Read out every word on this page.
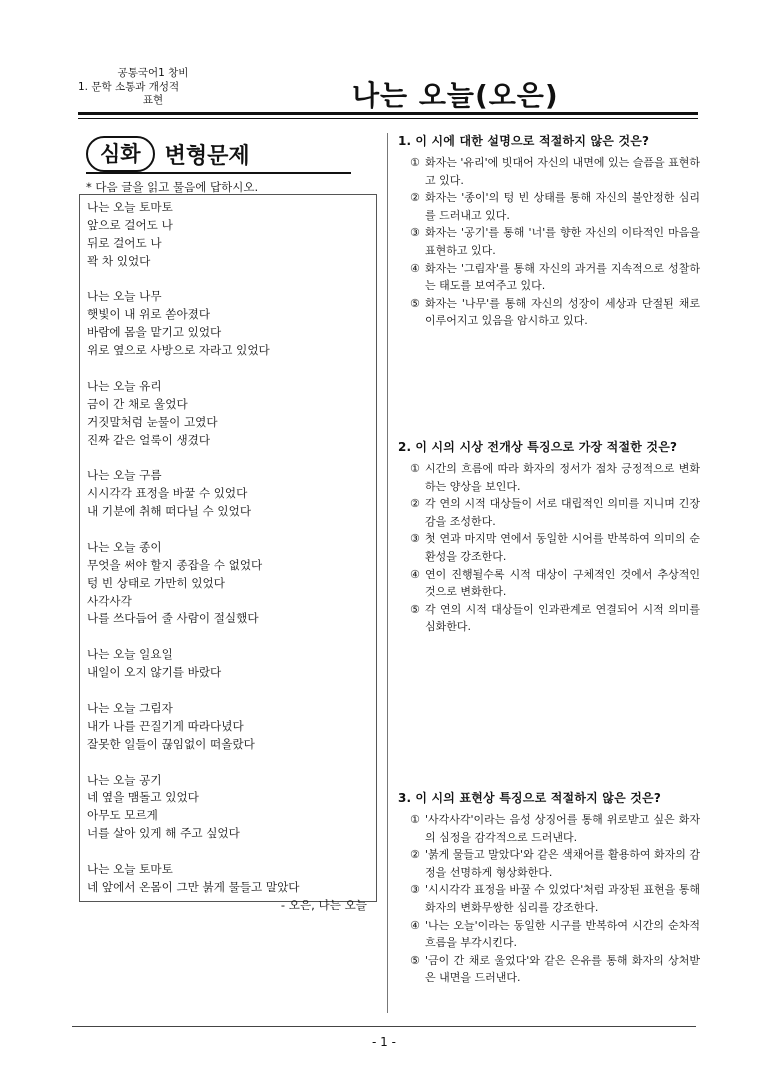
공통국어1 창비
1. 문학 소통과 개성적
표현	나는 오늘(오은)
심화	변형문제
* 다음 글을 읽고 물음에 답하시오.
나는 오늘 토마토
앞으로 걸어도 나
뒤로 걸어도 나
꽉 차 있었다
나는 오늘 나무
햇빛이 내 위로 쏟아졌다
바람에 몸을 맡기고 있었다
위로 옆으로 사방으로 자라고 있었다
나는 오늘 유리
금이 간 채로 울었다
거짓말처럼 눈물이 고였다
진짜 같은 얼룩이 생겼다
나는 오늘 구름
시시각각 표정을 바꿀 수 있었다
내 기분에 취해 떠다닐 수 있었다
나는 오늘 종이
무엇을 써야 할지 종잡을 수 없었다
텅 빈 상태로 가만히 있었다
사각사각
나를 쓰다듬어 줄 사람이 절실했다
나는 오늘 일요일
내일이 오지 않기를 바랐다
나는 오늘 그림자
내가 나를 끈질기게 따라다녔다
잘못한 일들이 끊임없이 떠올랐다
나는 오늘 공기
네 옆을 맴돌고 있었다
아무도 모르게
너를 살아 있게 해 주고 싶었다
나는 오늘 토마토
네 앞에서 온몸이 그만 붉게 물들고 말았다
- 오은, 나는 오늘
1. 이 시에 대한 설명으로 적절하지 않은 것은?
① 화자는 '유리'에 빗대어 자신의 내면에 있는 슬픔을 표현하고 있다.
② 화자는 '종이'의 텅 빈 상태를 통해 자신의 불안정한 심리를 드러내고 있다.
③ 화자는 '공기'를 통해 '너'를 향한 자신의 이타적인 마음을 표현하고 있다.
④ 화자는 '그림자'를 통해 자신의 과거를 지속적으로 성찰하는 태도를 보여주고 있다.
⑤ 화자는 '나무'를 통해 자신의 성장이 세상과 단절된 채로 이루어지고 있음을 암시하고 있다.
2. 이 시의 시상 전개상 특징으로 가장 적절한 것은?
① 시간의 흐름에 따라 화자의 정서가 점차 긍정적으로 변화하는 양상을 보인다.
② 각 연의 시적 대상들이 서로 대립적인 의미를 지니며 긴장감을 조성한다.
③ 첫 연과 마지막 연에서 동일한 시어를 반복하여 의미의 순환성을 강조한다.
④ 연이 진행될수록 시적 대상이 구체적인 것에서 추상적인 것으로 변화한다.
⑤ 각 연의 시적 대상들이 인과관계로 연결되어 시적 의미를 심화한다.
3. 이 시의 표현상 특징으로 적절하지 않은 것은?
① '사각사각'이라는 음성 상징어를 통해 위로받고 싶은 화자의 심정을 감각적으로 드러낸다.
② '붉게 물들고 말았다'와 같은 색채어를 활용하여 화자의 감정을 선명하게 형상화한다.
③ '시시각각 표정을 바꿀 수 있었다'처럼 과장된 표현을 통해 화자의 변화무쌍한 심리를 강조한다.
④ '나는 오늘'이라는 동일한 시구를 반복하여 시간의 순차적 흐름을 부각시킨다.
⑤ '금이 간 채로 울었다'와 같은 은유를 통해 화자의 상처받은 내면을 드러낸다.
- 1 -
